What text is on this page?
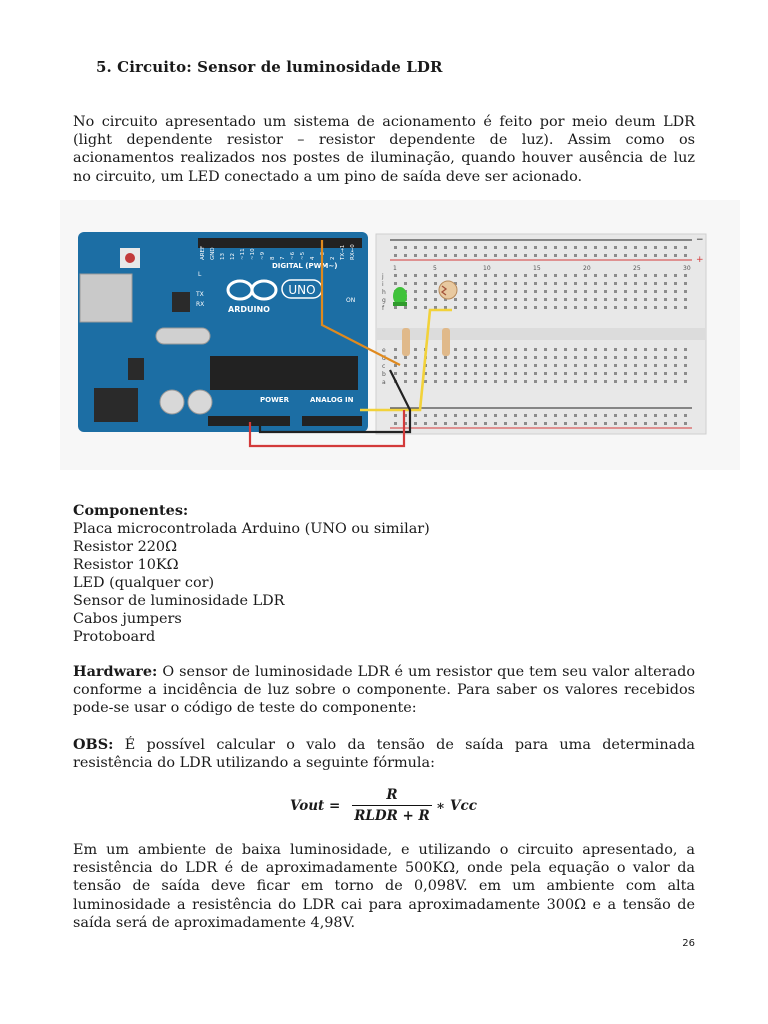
5. Circuito: Sensor de luminosidade LDR

No circuito apresentado um sistema de acionamento é feito por meio deum LDR (light dependente resistor – resistor dependente de luz). Assim como os acionamentos realizados nos postes de iluminação, quando houver ausência de luz no circuito, um LED conectado a um pino de saída deve ser acionado.

UNO
ARDUINO
DIGITAL (PWM~)
L
TX
RX
ON
AREF GND 13 12 ~11 ~10 ~9 8 7 ~6 ~5 4 ~3 2 TX→1 RX←0
POWER	ANALOG IN
1	5	10	15	20	25	30
j
i
h
g
f
e
d
c
b
a
+
−
Componentes:
Placa microcontrolada Arduino (UNO ou similar)
Resistor 220Ω
Resistor 10KΩ
LED (qualquer cor)
Sensor de luminosidade LDR
Cabos jumpers
Protoboard

Hardware: O sensor de luminosidade LDR é um resistor que tem seu valor alterado conforme a incidência de luz sobre o componente. Para saber os valores recebidos pode-se usar o código de teste do componente:

OBS: É possível calcular o valo da tensão de saída para uma determinada resistência do LDR utilizando a seguinte fórmula:

Vout =
R
RLDR + R
∗ Vcc

Em um ambiente de baixa luminosidade, e utilizando o circuito apresentado, a resistência do LDR é de aproximadamente 500KΩ, onde pela equação o valor da tensão de saída deve ficar em torno de 0,098V. em um ambiente com alta luminosidade a resistência do LDR cai para aproximadamente 300Ω e a tensão de saída será de aproximadamente 4,98V.

26
